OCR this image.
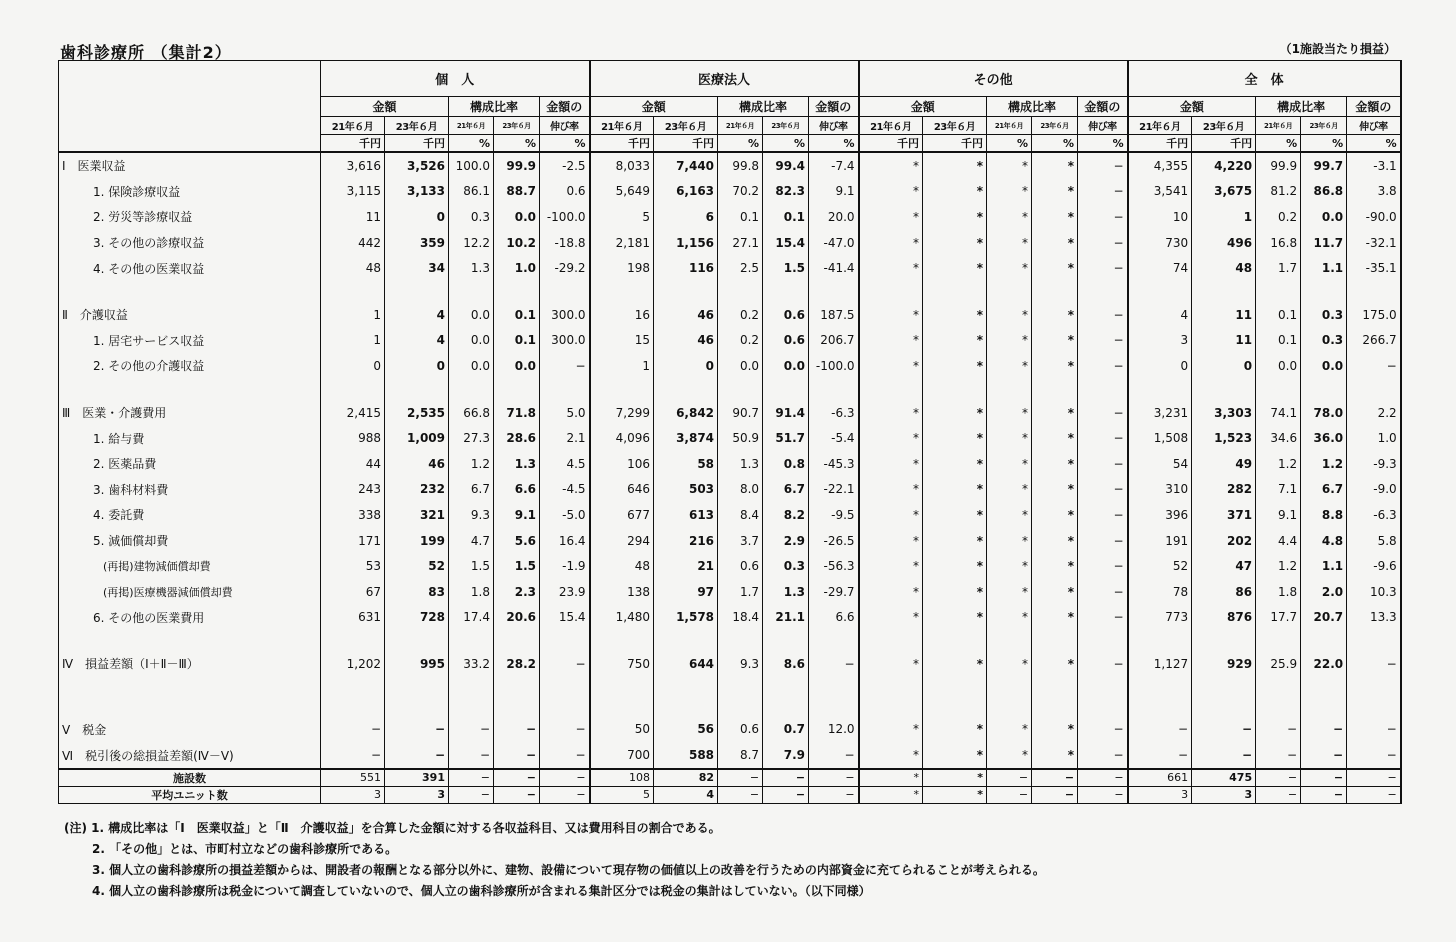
歯科診療所 （集計2）	（1施設当たり損益）
	個　人					医療法人					その他					全　体				
	金額		構成比率		金額の	金額		構成比率		金額の	金額		構成比率		金額の	金額		構成比率		金額の
	21年６月	23年６月	21年６月	23年６月	伸び率	21年６月	23年６月	21年６月	23年６月	伸び率	21年６月	23年６月	21年６月	23年６月	伸び率	21年６月	23年６月	21年６月	23年６月	伸び率
	千円	千円	%	%	%	千円	千円	%	%	%	千円	千円	%	%	%	千円	千円	%	%	%
Ⅰ　医業収益	3,616	3,526	100.0	99.9	-2.5	8,033	7,440	99.8	99.4	-7.4	*	*	*	*	−	4,355	4,220	99.9	99.7	-3.1
1. 保険診療収益	3,115	3,133	86.1	88.7	0.6	5,649	6,163	70.2	82.3	9.1	*	*	*	*	−	3,541	3,675	81.2	86.8	3.8
2. 労災等診療収益	11	0	0.3	0.0	-100.0	5	6	0.1	0.1	20.0	*	*	*	*	−	10	1	0.2	0.0	-90.0
3. その他の診療収益	442	359	12.2	10.2	-18.8	2,181	1,156	27.1	15.4	-47.0	*	*	*	*	−	730	496	16.8	11.7	-32.1
4. その他の医業収益	48	34	1.3	1.0	-29.2	198	116	2.5	1.5	-41.4	*	*	*	*	−	74	48	1.7	1.1	-35.1

Ⅱ　介護収益	1	4	0.0	0.1	300.0	16	46	0.2	0.6	187.5	*	*	*	*	−	4	11	0.1	0.3	175.0
1. 居宅サービス収益	1	4	0.0	0.1	300.0	15	46	0.2	0.6	206.7	*	*	*	*	−	3	11	0.1	0.3	266.7
2. その他の介護収益	0	0	0.0	0.0	−	1	0	0.0	0.0	-100.0	*	*	*	*	−	0	0	0.0	0.0	−

Ⅲ　医業・介護費用	2,415	2,535	66.8	71.8	5.0	7,299	6,842	90.7	91.4	-6.3	*	*	*	*	−	3,231	3,303	74.1	78.0	2.2
1. 給与費	988	1,009	27.3	28.6	2.1	4,096	3,874	50.9	51.7	-5.4	*	*	*	*	−	1,508	1,523	34.6	36.0	1.0
2. 医薬品費	44	46	1.2	1.3	4.5	106	58	1.3	0.8	-45.3	*	*	*	*	−	54	49	1.2	1.2	-9.3
3. 歯科材料費	243	232	6.7	6.6	-4.5	646	503	8.0	6.7	-22.1	*	*	*	*	−	310	282	7.1	6.7	-9.0
4. 委託費	338	321	9.3	9.1	-5.0	677	613	8.4	8.2	-9.5	*	*	*	*	−	396	371	9.1	8.8	-6.3
5. 減価償却費	171	199	4.7	5.6	16.4	294	216	3.7	2.9	-26.5	*	*	*	*	−	191	202	4.4	4.8	5.8
(再掲)建物減価償却費	53	52	1.5	1.5	-1.9	48	21	0.6	0.3	-56.3	*	*	*	*	−	52	47	1.2	1.1	-9.6
(再掲)医療機器減価償却費	67	83	1.8	2.3	23.9	138	97	1.7	1.3	-29.7	*	*	*	*	−	78	86	1.8	2.0	10.3
6. その他の医業費用	631	728	17.4	20.6	15.4	1,480	1,578	18.4	21.1	6.6	*	*	*	*	−	773	876	17.7	20.7	13.3

Ⅳ　損益差額（Ⅰ＋Ⅱ－Ⅲ）	1,202	995	33.2	28.2	−	750	644	9.3	8.6	−	*	*	*	*	−	1,127	929	25.9	22.0	−

Ⅴ　税金	−	−	−	−	−	50	56	0.6	0.7	12.0	*	*	*	*	−	−	−	−	−	−
Ⅵ　税引後の総損益差額(Ⅳ－Ⅴ)	−	−	−	−	−	700	588	8.7	7.9	−	*	*	*	*	−	−	−	−	−	−
施設数	551	391	−	−	−	108	82	−	−	−	*	*	−	−	−	661	475	−	−	−
平均ユニット数	3	3	−	−	−	5	4	−	−	−	*	*	−	−	−	3	3	−	−	−
(注) 1. 構成比率は「Ⅰ　医業収益」と「Ⅱ　介護収益」を合算した金額に対する各収益科目、又は費用科目の割合である。
2. 「その他」とは、市町村立などの歯科診療所である。
3. 個人立の歯科診療所の損益差額からは、開設者の報酬となる部分以外に、建物、設備について現存物の価値以上の改善を行うための内部資金に充てられることが考えられる。
4. 個人立の歯科診療所は税金について調査していないので、個人立の歯科診療所が含まれる集計区分では税金の集計はしていない。（以下同様）
